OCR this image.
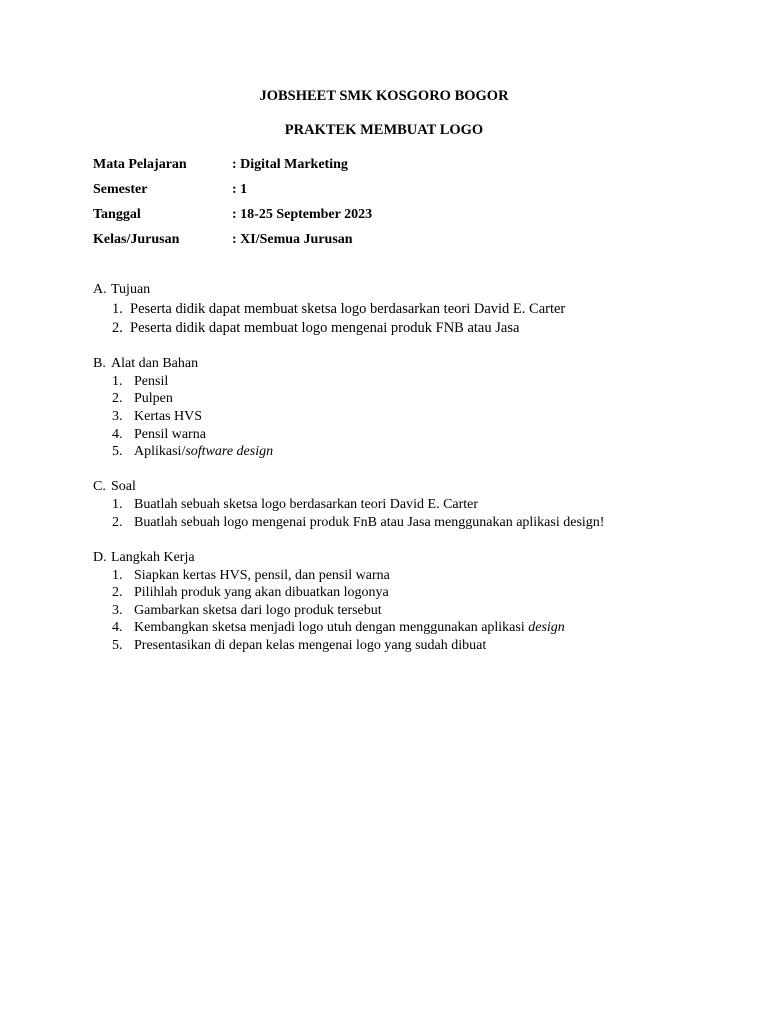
JOBSHEET SMK KOSGORO BOGOR
PRAKTEK MEMBUAT LOGO
Mata Pelajaran	: Digital Marketing
Semester	: 1
Tanggal	: 18-25 September 2023
Kelas/Jurusan	: XI/Semua Jurusan
A. Tujuan
1. Peserta didik dapat membuat sketsa logo berdasarkan teori David E. Carter
2. Peserta didik dapat membuat logo mengenai produk FNB atau Jasa
B. Alat dan Bahan
1. Pensil
2. Pulpen
3. Kertas HVS
4. Pensil warna
5. Aplikasi/software design
C. Soal
1. Buatlah sebuah sketsa logo berdasarkan teori David E. Carter
2. Buatlah sebuah logo mengenai produk FnB atau Jasa menggunakan aplikasi design!
D. Langkah Kerja
1. Siapkan kertas HVS, pensil, dan pensil warna
2. Pilihlah produk yang akan dibuatkan logonya
3. Gambarkan sketsa dari logo produk tersebut
4. Kembangkan sketsa menjadi logo utuh dengan menggunakan aplikasi design
5. Presentasikan di depan kelas mengenai logo yang sudah dibuat
